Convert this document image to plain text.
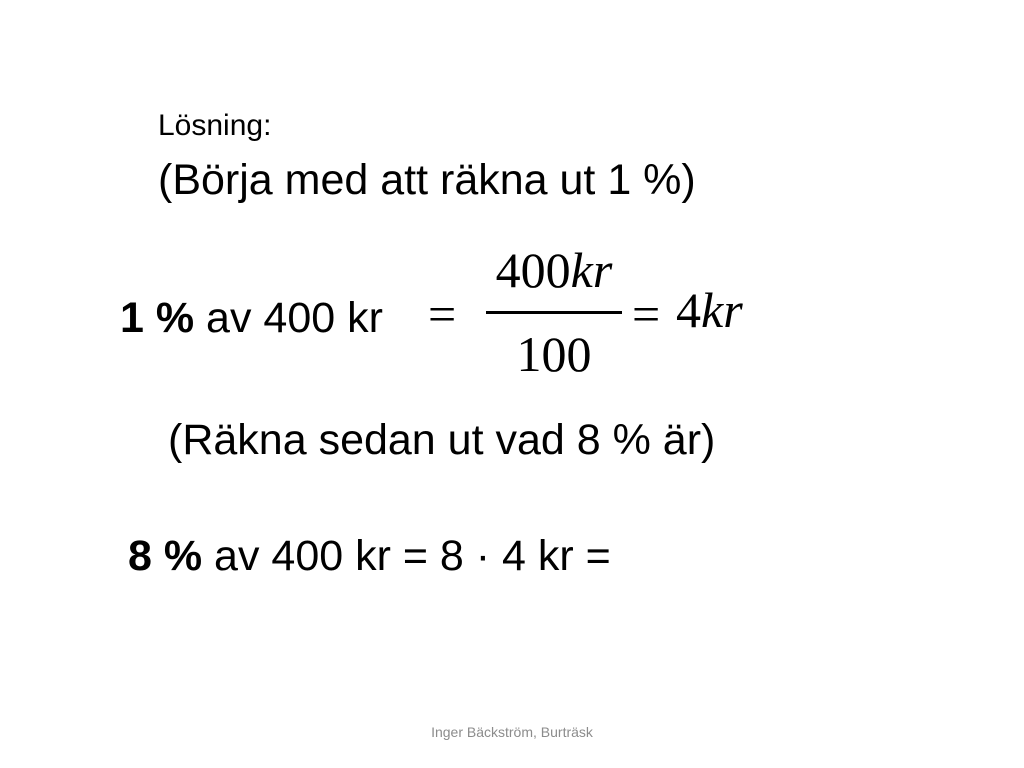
Lösning:
(Börja med att räkna ut 1 %)
1 % av 400 kr =
400kr
100
= 4kr
(Räkna sedan ut vad 8 % är)
8 % av 400 kr = 8 · 4 kr =
Inger Bäckström, Burträsk
